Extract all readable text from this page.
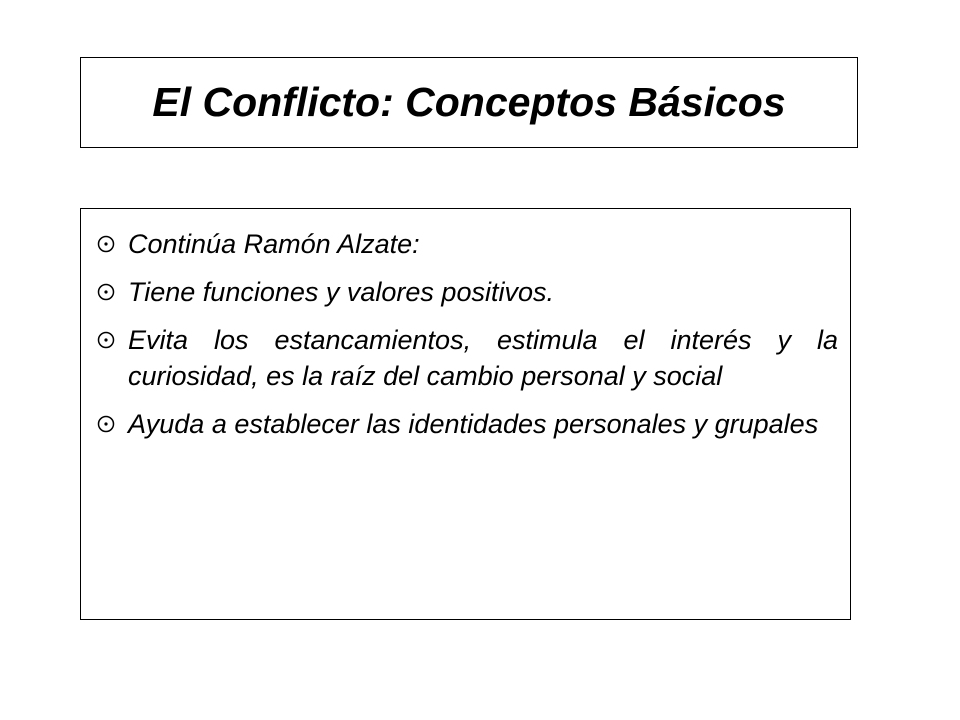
El Conflicto: Conceptos Básicos
Continúa Ramón Alzate:
Tiene funciones y valores positivos.
Evita los estancamientos, estimula el interés y la curiosidad, es la raíz del cambio personal y social
Ayuda a establecer las identidades personales y grupales
